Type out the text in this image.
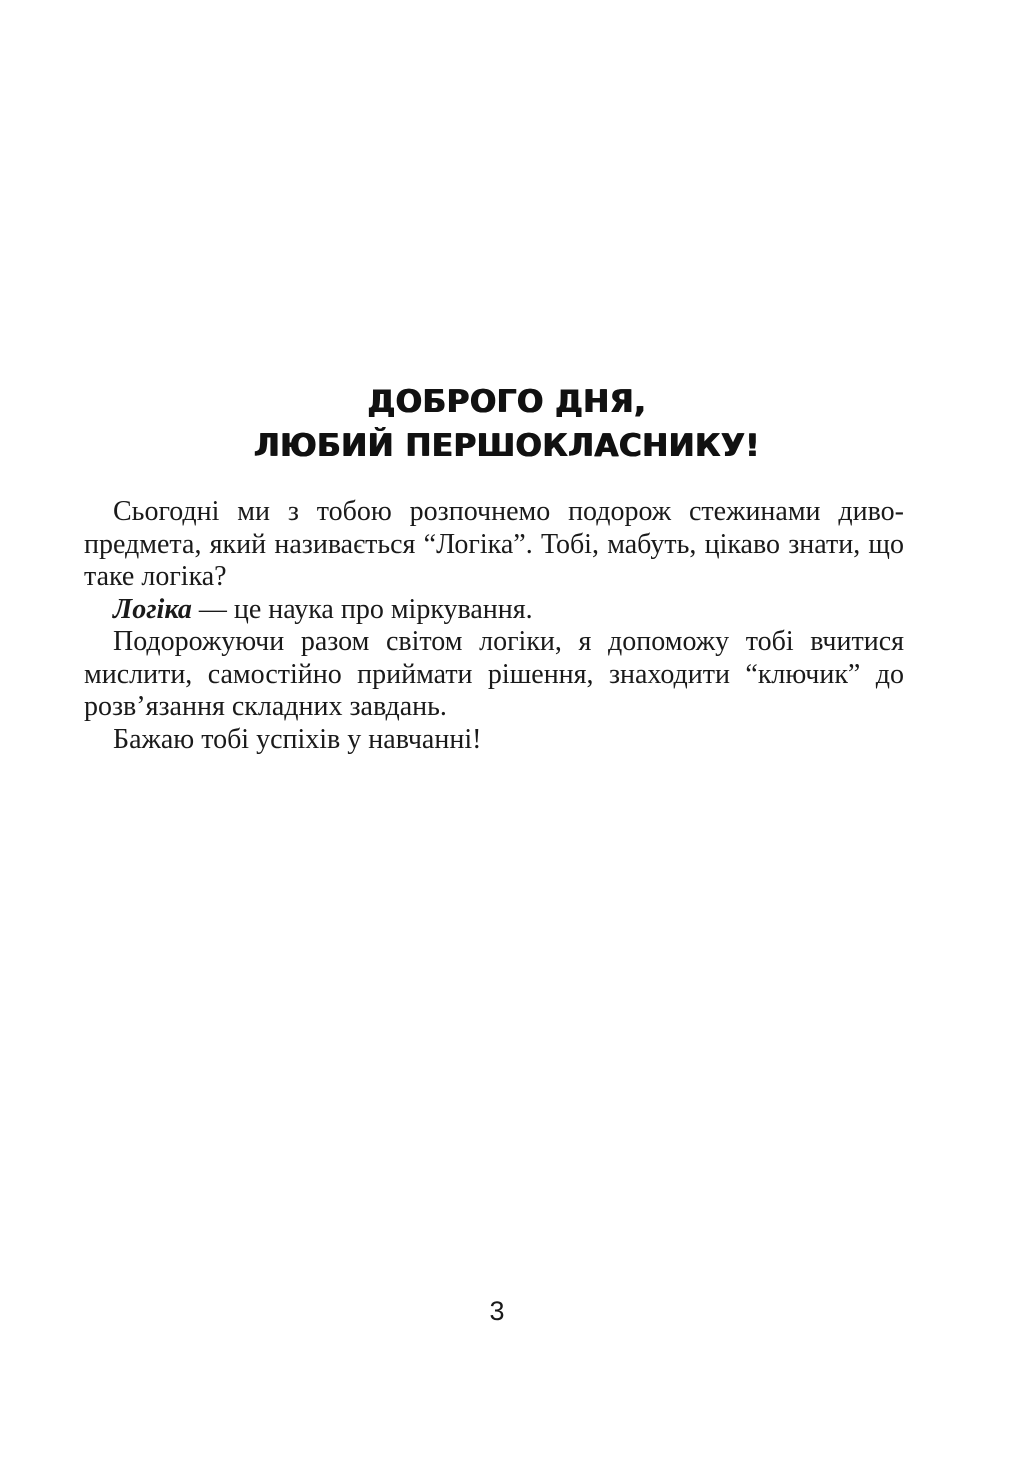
ДОБРОГО ДНЯ,
ЛЮБИЙ ПЕРШОКЛАСНИКУ!

Сьогодні ми з тобою розпочнемо подорож стежинами диво-предмета, який називається “Логіка”. Тобі, мабуть, цікаво знати, що таке логіка?

Логіка — це наука про міркування.

Подорожуючи разом світом логіки, я допоможу тобі вчитися мислити, самостійно приймати рішення, знаходити “ключик” до розв’язання складних завдань.

Бажаю тобі успіхів у навчанні!

3
